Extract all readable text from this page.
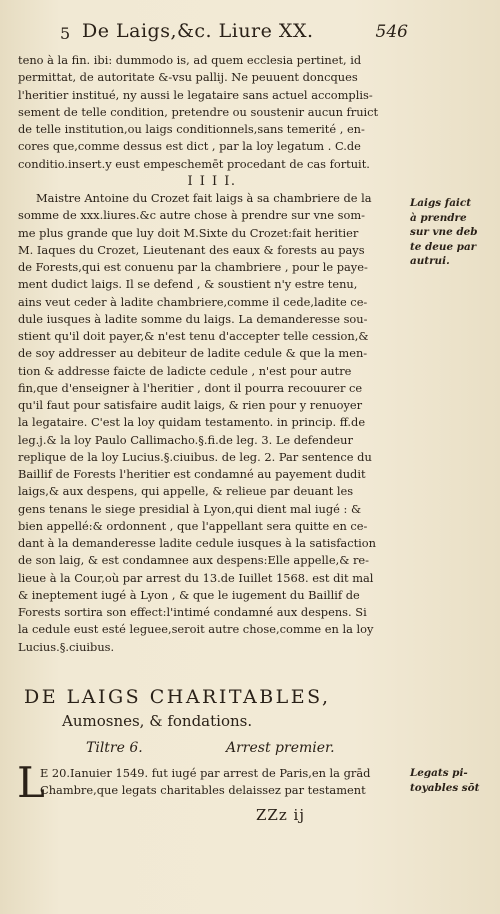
5 De Laigs,&c. Liure XX.	546
teno à la fin. ibi: dummodo is, ad quem ecclesia pertinet, id
permittat, de autoritate &-vsu pallij. Ne peuuent doncques
l'heritier institué, ny aussi le legataire sans actuel accomplis-
sement de telle condition, pretendre ou soustenir aucun fruict
de telle institution,ou laigs conditionnels,sans temerité , en-
cores que,comme dessus est dict , par la loy legatum . C.de
conditio.insert.y eust empeschemēt procedant de cas fortuit.
I I I I.
Maistre Antoine du Crozet fait laigs à sa chambriere de la
somme de xxx.liures.&c autre chose à prendre sur vne som-
me plus grande que luy doit M.Sixte du Crozet:fait heritier
M. Iaques du Crozet, Lieutenant des eaux & forests au pays
de Forests,qui est conuenu par la chambriere , pour le paye-
ment dudict laigs. Il se defend , & soustient n'y estre tenu,
ains veut ceder à ladite chambriere,comme il cede,ladite ce-
dule iusques à ladite somme du laigs. La demanderesse sou-
stient qu'il doit payer,& n'est tenu d'accepter telle cession,&
de soy addresser au debiteur de ladite cedule & que la men-
tion & addresse faicte de ladicte cedule , n'est pour autre
fin,que d'enseigner à l'heritier , dont il pourra recouurer ce
qu'il faut pour satisfaire audit laigs, & rien pour y renuoyer
la legataire. C'est la loy quidam testamento. in princip. ff.de
leg.j.& la loy Paulo Callimacho.§.fi.de leg. 3. Le defendeur
replique de la loy Lucius.§.ciuibus. de leg. 2. Par sentence du
Baillif de Forests l'heritier est condamné au payement dudit
laigs,& aux despens, qui appelle, & relieue par deuant les
gens tenans le siege presidial à Lyon,qui dient mal iugé : &
bien appellé:& ordonnent , que l'appellant sera quitte en ce-
dant à la demanderesse ladite cedule iusques à la satisfaction
de son laig, & est condamnee aux despens:Elle appelle,& re-
lieue à la Cour,où par arrest du 13.de Iuillet 1568. est dit mal
& ineptement iugé à Lyon , & que le iugement du Baillif de
Forests sortira son effect:l'intimé condamné aux despens. Si
la cedule eust esté leguee,seroit autre chose,comme en la loy
Lucius.§.ciuibus.
Laigs faict
à prendre
sur vne deb
te deue par
autrui.
DE LAIGS CHARITABLES,
Aumosnes, & fondations.
Tiltre 6.	Arrest premier.
L
E 20.Ianuier 1549. fut iugé par arrest de Paris,en la grād
Chambre,que legats charitables delaissez par testament
Legats pi-
toyables sōt
ZZz ij
